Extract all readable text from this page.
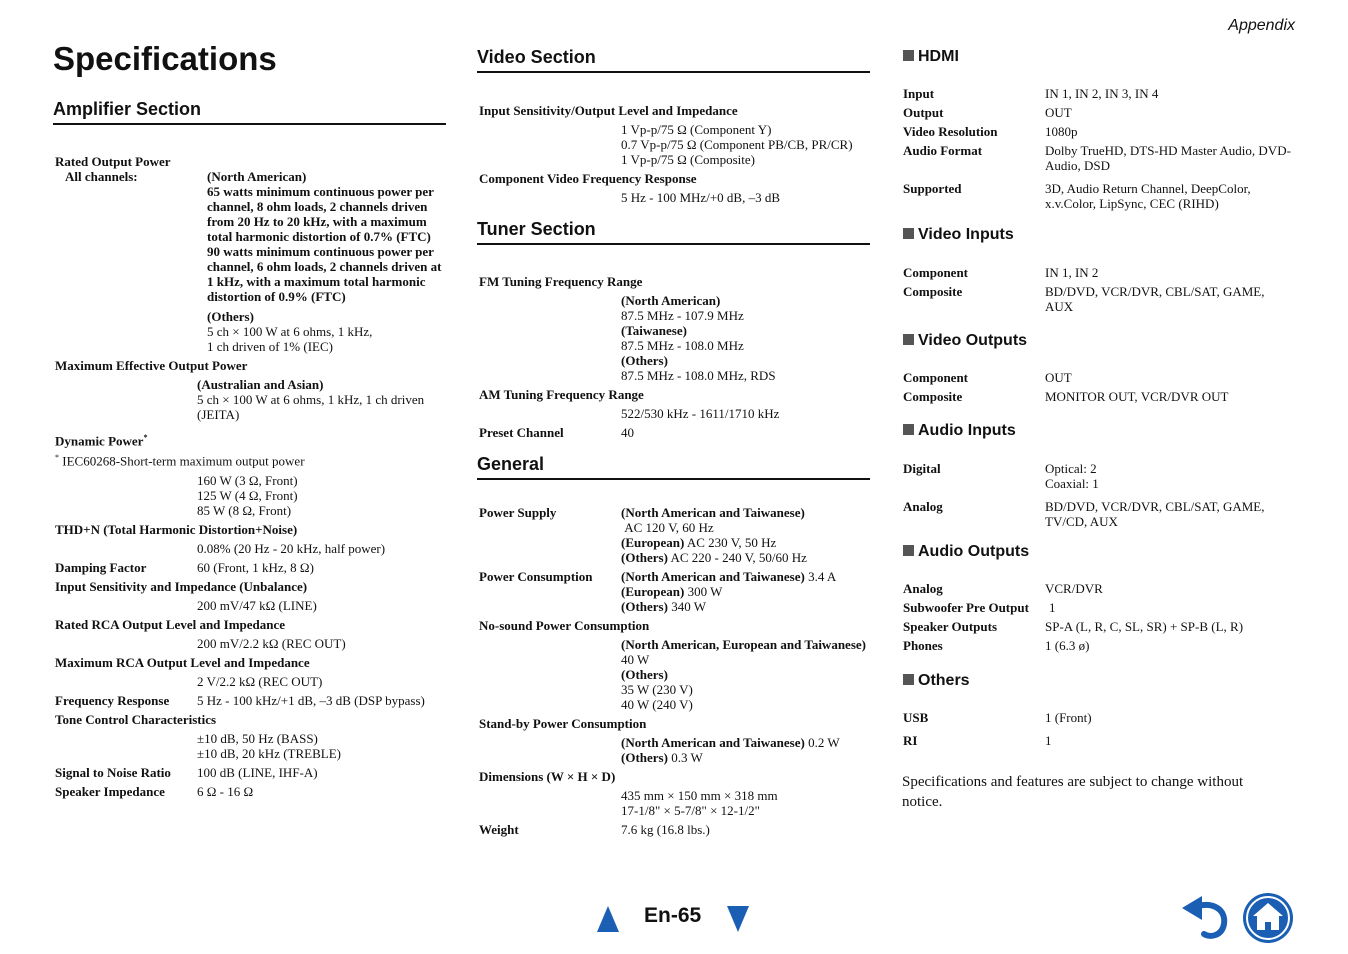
Appendix
Specifications
Amplifier Section
Rated Output Power
All channels:	(North American)
65 watts minimum continuous power per channel, 8 ohm loads, 2 channels driven from 20 Hz to 20 kHz, with a maximum total harmonic distortion of 0.7% (FTC) 90 watts minimum continuous power per channel, 6 ohm loads, 2 channels driven at 1 kHz, with a maximum total harmonic distortion of 0.9% (FTC)
(Others)
5 ch × 100 W at 6 ohms, 1 kHz,
1 ch driven of 1% (IEC)
Maximum Effective Output Power
(Australian and Asian)
5 ch × 100 W at 6 ohms, 1 kHz, 1 ch driven (JEITA)
Dynamic Power*
* IEC60268-Short-term maximum output power
160 W (3 Ω, Front)
125 W (4 Ω, Front)
85 W (8 Ω, Front)
THD+N (Total Harmonic Distortion+Noise)
0.08% (20 Hz - 20 kHz, half power)
Damping Factor	60 (Front, 1 kHz, 8 Ω)
Input Sensitivity and Impedance (Unbalance)
200 mV/47 kΩ (LINE)
Rated RCA Output Level and Impedance
200 mV/2.2 kΩ (REC OUT)
Maximum RCA Output Level and Impedance
2 V/2.2 kΩ (REC OUT)
Frequency Response	5 Hz - 100 kHz/+1 dB, –3 dB (DSP bypass)
Tone Control Characteristics
±10 dB, 50 Hz (BASS)
±10 dB, 20 kHz (TREBLE)
Signal to Noise Ratio	100 dB (LINE, IHF-A)
Speaker Impedance	6 Ω - 16 Ω
Video Section
Input Sensitivity/Output Level and Impedance
1 Vp-p/75 Ω (Component Y)
0.7 Vp-p/75 Ω (Component PB/CB, PR/CR)
1 Vp-p/75 Ω (Composite)
Component Video Frequency Response
5 Hz - 100 MHz/+0 dB, –3 dB
Tuner Section
FM Tuning Frequency Range
(North American)
87.5 MHz - 107.9 MHz
(Taiwanese)
87.5 MHz - 108.0 MHz
(Others)
87.5 MHz - 108.0 MHz, RDS
AM Tuning Frequency Range
522/530 kHz - 1611/1710 kHz
Preset Channel	40
General
Power Supply	(North American and Taiwanese)
AC 120 V, 60 Hz
(European) AC 230 V, 50 Hz
(Others) AC 220 - 240 V, 50/60 Hz
Power Consumption	(North American and Taiwanese) 3.4 A
(European) 300 W
(Others) 340 W
No-sound Power Consumption
(North American, European and Taiwanese) 40 W
(Others)
35 W (230 V)
40 W (240 V)
Stand-by Power Consumption
(North American and Taiwanese) 0.2 W
(Others) 0.3 W
Dimensions (W × H × D)
435 mm × 150 mm × 318 mm
17-1/8" × 5-7/8" × 12-1/2"
Weight	7.6 kg (16.8 lbs.)
HDMI
Input	IN 1, IN 2, IN 3, IN 4
Output	OUT
Video Resolution	1080p
Audio Format	Dolby TrueHD, DTS-HD Master Audio, DVD-Audio, DSD
Supported	3D, Audio Return Channel, DeepColor, x.v.Color, LipSync, CEC (RIHD)
Video Inputs
Component	IN 1, IN 2
Composite	BD/DVD, VCR/DVR, CBL/SAT, GAME, AUX
Video Outputs
Component	OUT
Composite	MONITOR OUT, VCR/DVR OUT
Audio Inputs
Digital	Optical: 2
Coaxial: 1
Analog	BD/DVD, VCR/DVR, CBL/SAT, GAME, TV/CD, AUX
Audio Outputs
Analog	VCR/DVR
Subwoofer Pre Output	1
Speaker Outputs	SP-A (L, R, C, SL, SR) + SP-B (L, R)
Phones	1 (6.3 ø)
Others
USB	1 (Front)
RI	1
Specifications and features are subject to change without notice.
En-65
